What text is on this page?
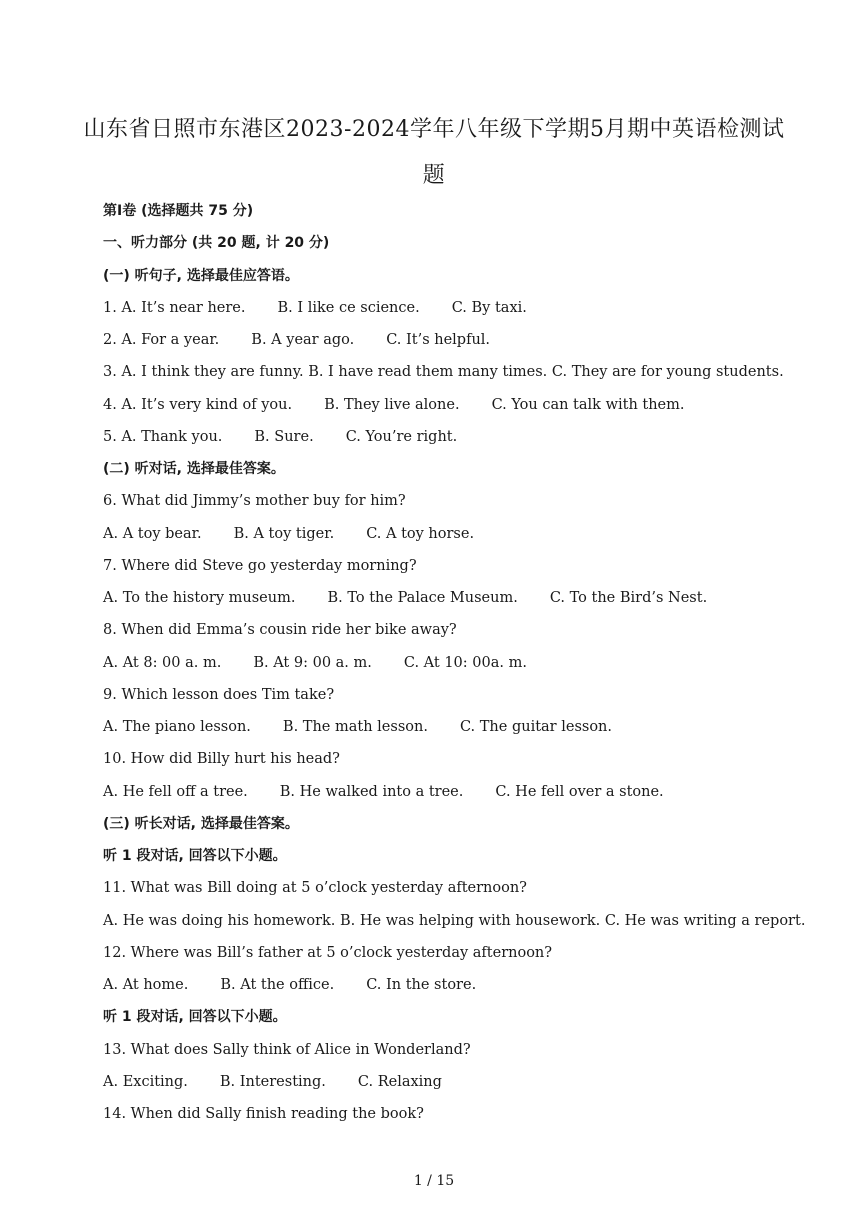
山东省日照市东港区2023-2024学年八年级下学期5月期中英语检测试
题
第Ⅰ卷 (选择题共 75 分)
一、听力部分 (共 20 题, 计 20 分)
(一) 听句子, 选择最佳应答语。
1. A. It’s near here. B. I like ce science. C. By taxi.
2. A. For a year. B. A year ago. C. It’s helpful.
3. A. I think they are funny. B. I have read them many times. C. They are for young students.
4. A. It’s very kind of you. B. They live alone. C. You can talk with them.
5. A. Thank you. B. Sure. C. You’re right.
(二) 听对话, 选择最佳答案。
6. What did Jimmy’s mother buy for him?
A. A toy bear. B. A toy tiger. C. A toy horse.
7. Where did Steve go yesterday morning?
A. To the history museum. B. To the Palace Museum. C. To the Bird’s Nest.
8. When did Emma’s cousin ride her bike away?
A. At 8: 00 a. m. B. At 9: 00 a. m. C. At 10: 00a. m.
9. Which lesson does Tim take?
A. The piano lesson. B. The math lesson. C. The guitar lesson.
10. How did Billy hurt his head?
A. He fell off a tree. B. He walked into a tree. C. He fell over a stone.
(三) 听长对话, 选择最佳答案。
听 1 段对话, 回答以下小题。
11. What was Bill doing at 5 o’clock yesterday afternoon?
A. He was doing his homework. B. He was helping with housework. C. He was writing a report.
12. Where was Bill’s father at 5 o’clock yesterday afternoon?
A. At home. B. At the office. C. In the store.
听 1 段对话, 回答以下小题。
13. What does Sally think of Alice in Wonderland?
A. Exciting. B. Interesting. C. Relaxing
14. When did Sally finish reading the book?
1 / 15
